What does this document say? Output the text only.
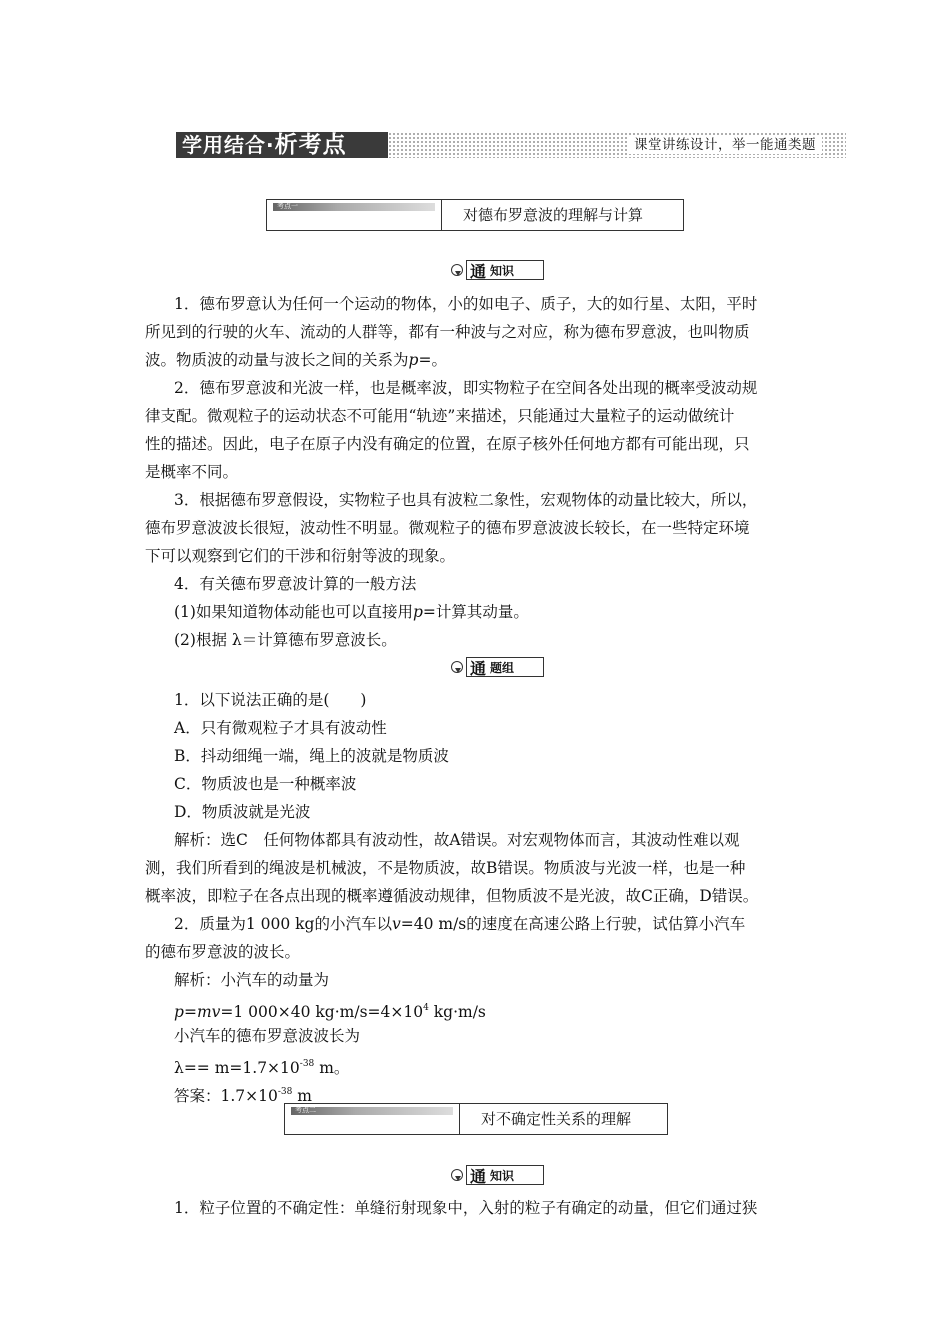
学用结合·析考点	课堂讲练设计，举一能通类题
考点一	对德布罗意波的理解与计算
通 知识
1．德布罗意认为任何一个运动的物体，小的如电子、质子，大的如行星、太阳，平时
所见到的行驶的火车、流动的人群等，都有一种波与之对应，称为德布罗意波，也叫物质
波。物质波的动量与波长之间的关系为p=。
2．德布罗意波和光波一样，也是概率波，即实物粒子在空间各处出现的概率受波动规
律支配。微观粒子的运动状态不可能用“轨迹”来描述，只能通过大量粒子的运动做统计
性的描述。因此，电子在原子内没有确定的位置，在原子核外任何地方都有可能出现，只
是概率不同。
3．根据德布罗意假设，实物粒子也具有波粒二象性，宏观物体的动量比较大，所以，
德布罗意波波长很短，波动性不明显。微观粒子的德布罗意波波长较长，在一些特定环境
下可以观察到它们的干涉和衍射等波的现象。
4．有关德布罗意波计算的一般方法
(1)如果知道物体动能也可以直接用p=计算其动量。
(2)根据 λ＝计算德布罗意波长。
通 题组
1．以下说法正确的是(　　)
A．只有微观粒子才具有波动性
B．抖动细绳一端，绳上的波就是物质波
C．物质波也是一种概率波
D．物质波就是光波
解析：选C　任何物体都具有波动性，故A错误。对宏观物体而言，其波动性难以观
测，我们所看到的绳波是机械波，不是物质波，故B错误。物质波与光波一样，也是一种
概率波，即粒子在各点出现的概率遵循波动规律，但物质波不是光波，故C正确，D错误。
2．质量为1 000 kg的小汽车以v=40 m/s的速度在高速公路上行驶，试估算小汽车
的德布罗意波的波长。
解析：小汽车的动量为
p=mv=1 000×40 $kg\cdot m/s=4\times 10^4$ kg·m/s
小汽车的德布罗意波波长为
$\lambda== m=1.7\times 10^{-38}$ m。
答案：$1.7\times 10^{-38}$ m
考点二	对不确定性关系的理解
通 知识
1．粒子位置的不确定性：单缝衍射现象中，入射的粒子有确定的动量，但它们通过狭
